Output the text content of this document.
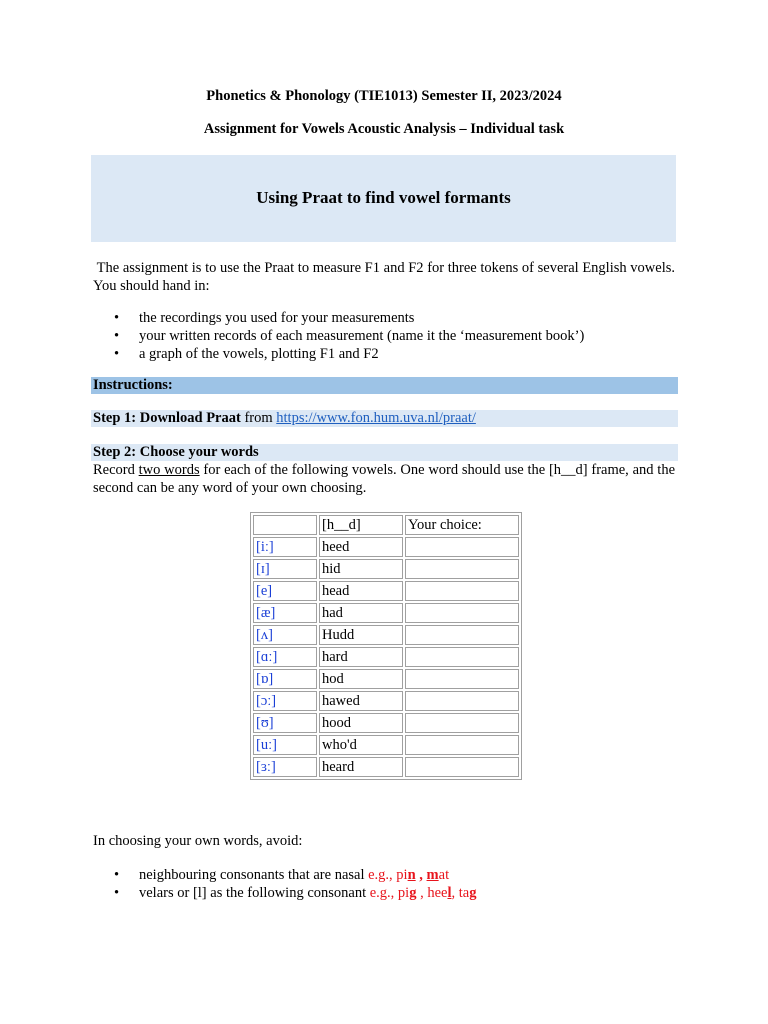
Phonetics & Phonology (TIE1013) Semester II, 2023/2024
Assignment for Vowels Acoustic Analysis – Individual task
Using Praat to find vowel formants
The assignment is to use the Praat to measure F1 and F2 for three tokens of several English vowels. You should hand in:
• the recordings you used for your measurements
• your written records of each measurement (name it the ‘measurement book’)
• a graph of the vowels, plotting F1 and F2
Instructions:
Step 1: Download Praat from https://www.fon.hum.uva.nl/praat/
Step 2: Choose your words
Record two words for each of the following vowels. One word should use the [h__d] frame, and the second can be any word of your own choosing.
	[h__d]	Your choice:
[iː]	heed	
[ɪ]	hid	
[e]	head	
[æ]	had	
[ʌ]	Hudd	
[ɑː]	hard	
[ɒ]	hod	
[ɔː]	hawed	
[ʊ]	hood	
[uː]	who'd	
[ɜː]	heard	
In choosing your own words, avoid:
• neighbouring consonants that are nasal e.g., pin , mat
• velars or [l] as the following consonant e.g., pig , heel, tag
